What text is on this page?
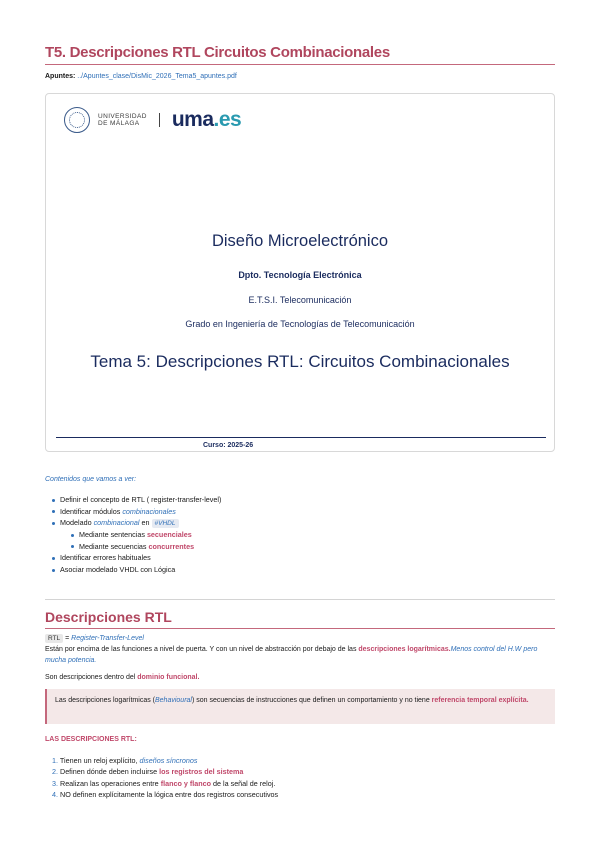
T5. Descripciones RTL Circuitos Combinacionales
Apuntes: ../Apuntes_clase/DisMic_2026_Tema5_apuntes.pdf
UNIVERSIDAD
DE MÁLAGA	uma.es
Diseño Microelectrónico
Dpto. Tecnología Electrónica
E.T.S.I. Telecomunicación
Grado en Ingeniería de Tecnologías de Telecomunicación
Tema 5: Descripciones RTL: Circuitos Combinacionales
Curso: 2025-26
Contenidos que vamos a ver:
Definir el concepto de RTL ( register-transfer-level)
Identificar módulos combinacionales
Modelado combinacional en #VHDL
Mediante sentencias secuenciales
Mediante secuencias concurrentes
Identificar errores habituales
Asociar modelado VHDL con Lógica
Descripciones RTL
RTL = Register-Transfer-Level
Están por encima de las funciones a nivel de puerta. Y con un nivel de abstracción por debajo de las descripciones logarítmicas.Menos control del H.W pero mucha potencia.
Son descripciones dentro del dominio funcional.
Las descripciones logarítmicas (Behavioural) son secuencias de instrucciones que definen un comportamiento y no tiene referencia temporal explícita.
LAS DESCRIPCIONES RTL:
1. Tienen un reloj explícito, diseños síncronos
2. Definen dónde deben incluirse los registros del sistema
3. Realizan las operaciones entre flanco y flanco de la señal de reloj.
4. NO definen explícitamente la lógica entre dos registros consecutivos
